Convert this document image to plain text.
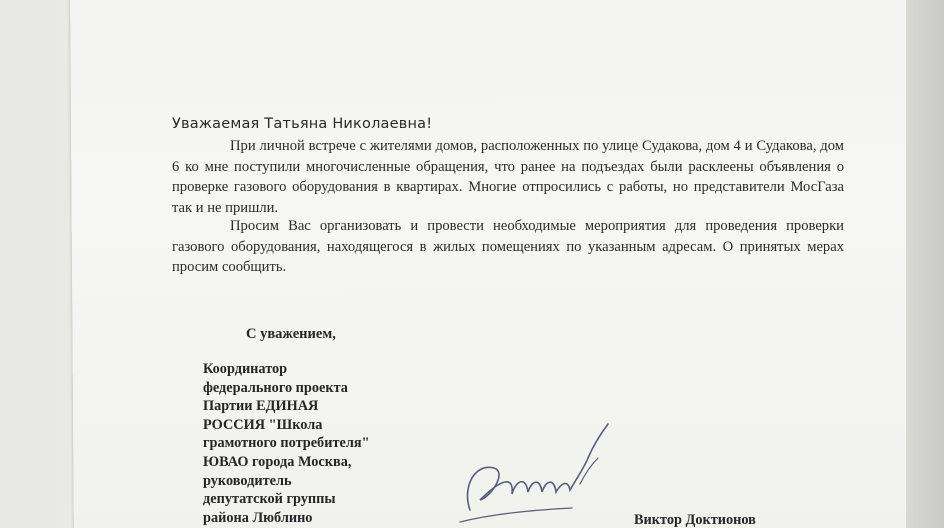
Уважаемая Татьяна Николаевна!

При личной встрече с жителями домов, расположенных по улице Судакова, дом 4 и Судакова, дом 6 ко мне поступили многочисленные обращения, что ранее на подъездах были расклеены объявления о проверке газового оборудования в квартирах. Многие отпросились с работы, но представители МосГаза так и не пришли.

Просим Вас организовать и провести необходимые мероприятия для проведения проверки газового оборудования, находящегося в жилых помещениях по указанным адресам. О принятых мерах просим сообщить.

С уважением,
Координатор
федерального проекта
Партии ЕДИНАЯ
РОССИЯ "Школа
грамотного потребителя"
ЮВАО города Москва,
руководитель
депутатской группы
района Люблино	Виктор Доктионов
